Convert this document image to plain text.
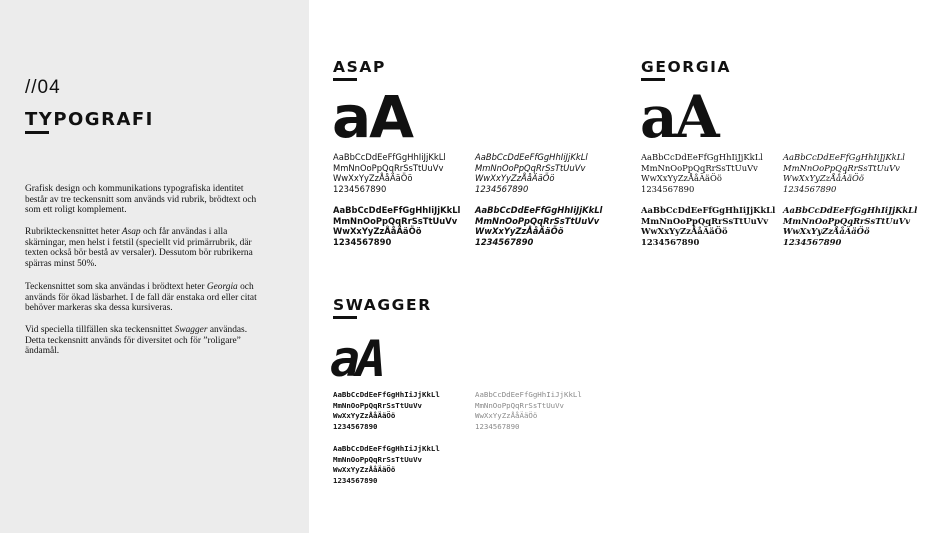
//04
TYPOGRAFI
Grafisk design och kommunikations typografiska identitet består av tre teckensnitt som används vid rubrik, brödtext och som ett roligt komplement.
Rubrikteckensnittet heter Asap och får användas i alla skärningar, men helst i fetstil (speciellt vid primärrubrik, där texten också bör bestå av versaler). Dessutom bör rubrikerna spärras minst 50%.
Teckensnittet som ska användas i brödtext heter Georgia och används för ökad läsbarhet. I de fall där enstaka ord eller citat behöver markeras ska dessa kursiveras.
Vid speciella tillfällen ska teckensnittet Swagger användas. Detta teckensnitt används för diversitet och för ”roligare” ändamål.
ASAP
aA
AaBbCcDdEeFfGgHhIiJjKkLl
MmNnOoPpQqRrSsTtUuVv
WwXxYyZzÅåÄäÖö
1234567890
AaBbCcDdEeFfGgHhIiJjKkLl
MmNnOoPpQqRrSsTtUuVv
WwXxYyZzÅåÄäÖö
1234567890
AaBbCcDdEeFfGgHhIiJjKkLl
MmNnOoPpQqRrSsTtUuVv
WwXxYyZzÅåÄäÖö
1234567890
AaBbCcDdEeFfGgHhIiJjKkLl
MmNnOoPpQqRrSsTtUuVv
WwXxYyZzÅåÄäÖö
1234567890
GEORGIA
aA
AaBbCcDdEeFfGgHhIiJjKkLl
MmNnOoPpQqRrSsTtUuVv
WwXxYyZzÅåÄäÖö
1234567890
AaBbCcDdEeFfGgHhIiJjKkLl
MmNnOoPpQqRrSsTtUuVv
WwXxYyZzÅåÄäÖö
1234567890
AaBbCcDdEeFfGgHhIiJjKkLl
MmNnOoPpQqRrSsTtUuVv
WwXxYyZzÅåÄäÖö
1234567890
AaBbCcDdEeFfGgHhIiJjKkLl
MmNnOoPpQqRrSsTtUuVv
WwXxYyZzÅåÄäÖö
1234567890
SWAGGER
aA
AaBbCcDdEeFfGgHhIiJjKkLl
MmNnOoPpQqRrSsTtUuVv
WwXxYyZzÅåÄäÖö
1234567890
AaBbCcDdEeFfGgHhIiJjKkLl
MmNnOoPpQqRrSsTtUuVv
WwXxYyZzÅåÄäÖö
1234567890
AaBbCcDdEeFfGgHhIiJjKkLl
MmNnOoPpQqRrSsTtUuVv
WwXxYyZzÅåÄäÖö
1234567890
